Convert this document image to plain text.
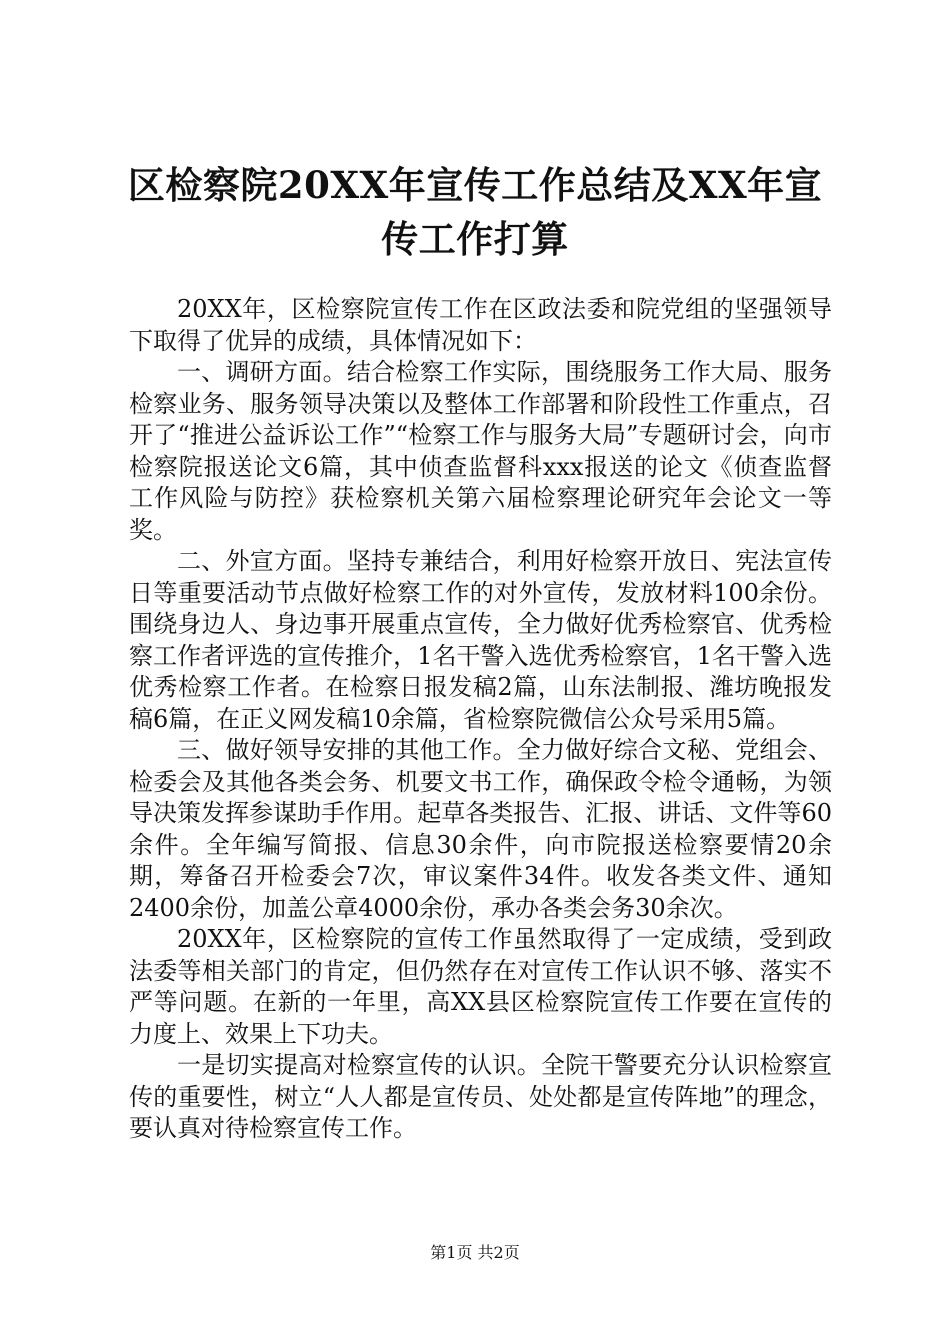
区检察院20XX年宣传工作总结及XX年宣传工作打算

20XX年，区检察院宣传工作在区政法委和院党组的坚强领导下取得了优异的成绩，具体情况如下：

一、调研方面。结合检察工作实际，围绕服务工作大局、服务检察业务、服务领导决策以及整体工作部署和阶段性工作重点，召开了“推进公益诉讼工作”“检察工作与服务大局”专题研讨会，向市检察院报送论文6篇，其中侦查监督科xxx报送的论文《侦查监督工作风险与防控》获检察机关第六届检察理论研究年会论文一等奖。

二、外宣方面。坚持专兼结合，利用好检察开放日、宪法宣传日等重要活动节点做好检察工作的对外宣传，发放材料100余份。围绕身边人、身边事开展重点宣传，全力做好优秀检察官、优秀检察工作者评选的宣传推介，1名干警入选优秀检察官，1名干警入选优秀检察工作者。在检察日报发稿2篇，山东法制报、潍坊晚报发稿6篇，在正义网发稿10余篇，省检察院微信公众号采用5篇。

三、做好领导安排的其他工作。全力做好综合文秘、党组会、检委会及其他各类会务、机要文书工作，确保政令检令通畅，为领导决策发挥参谋助手作用。起草各类报告、汇报、讲话、文件等60余件。全年编写简报、信息30余件，向市院报送检察要情20余期，筹备召开检委会7次，审议案件34件。收发各类文件、通知2400余份，加盖公章4000余份，承办各类会务30余次。

20XX年，区检察院的宣传工作虽然取得了一定成绩，受到政法委等相关部门的肯定，但仍然存在对宣传工作认识不够、落实不严等问题。在新的一年里，高XX县区检察院宣传工作要在宣传的力度上、效果上下功夫。

一是切实提高对检察宣传的认识。全院干警要充分认识检察宣传的重要性，树立“人人都是宣传员、处处都是宣传阵地”的理念，要认真对待检察宣传工作。

第1页 共2页
